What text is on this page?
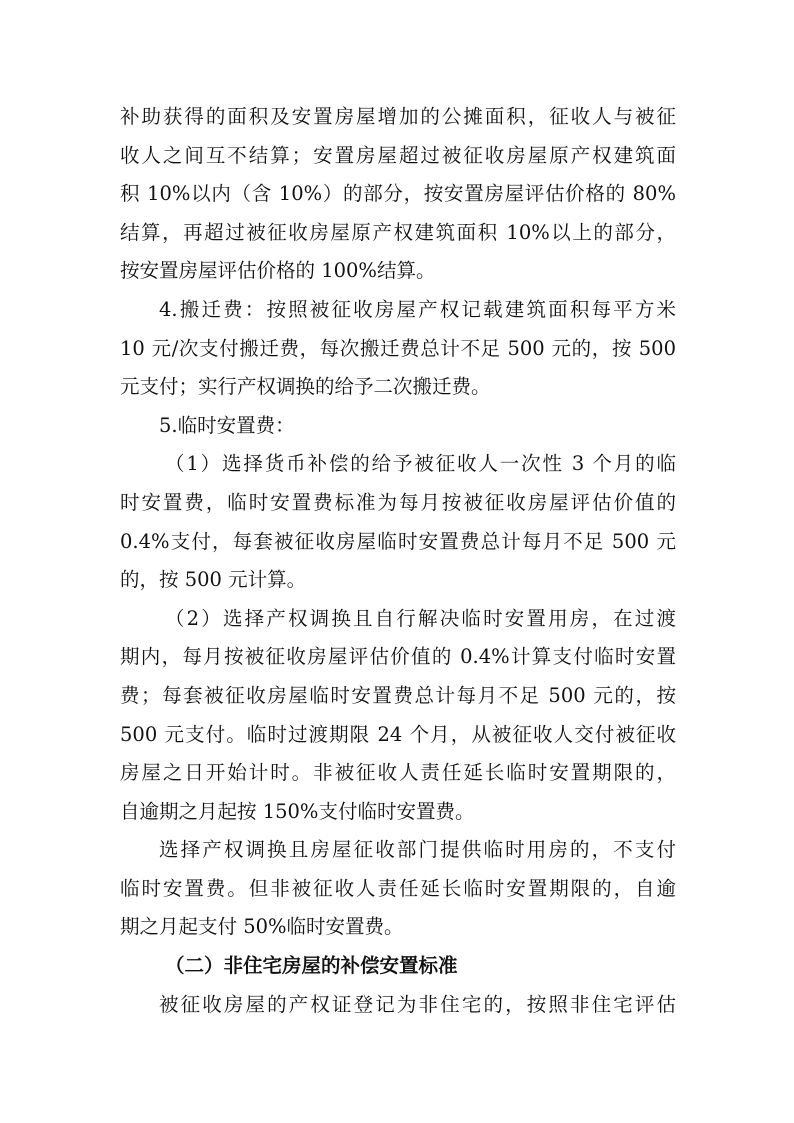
补助获得的面积及安置房屋增加的公摊面积，征收人与被征
收人之间互不结算；安置房屋超过被征收房屋原产权建筑面
积 10%以内（含 10%）的部分，按安置房屋评估价格的 80%
结算，再超过被征收房屋原产权建筑面积 10%以上的部分，
按安置房屋评估价格的 100%结算。
4.搬迁费：按照被征收房屋产权记载建筑面积每平方米
10 元/次支付搬迁费，每次搬迁费总计不足 500 元的，按 500
元支付；实行产权调换的给予二次搬迁费。
5.临时安置费：
（1）选择货币补偿的给予被征收人一次性 3 个月的临
时安置费，临时安置费标准为每月按被征收房屋评估价值的
0.4%支付，每套被征收房屋临时安置费总计每月不足 500 元
的，按 500 元计算。
（2）选择产权调换且自行解决临时安置用房，在过渡
期内，每月按被征收房屋评估价值的 0.4%计算支付临时安置
费；每套被征收房屋临时安置费总计每月不足 500 元的，按
500 元支付。临时过渡期限 24 个月，从被征收人交付被征收
房屋之日开始计时。非被征收人责任延长临时安置期限的，
自逾期之月起按 150%支付临时安置费。
选择产权调换且房屋征收部门提供临时用房的，不支付
临时安置费。但非被征收人责任延长临时安置期限的，自逾
期之月起支付 50%临时安置费。
（二）非住宅房屋的补偿安置标准
被征收房屋的产权证登记为非住宅的，按照非住宅评估
